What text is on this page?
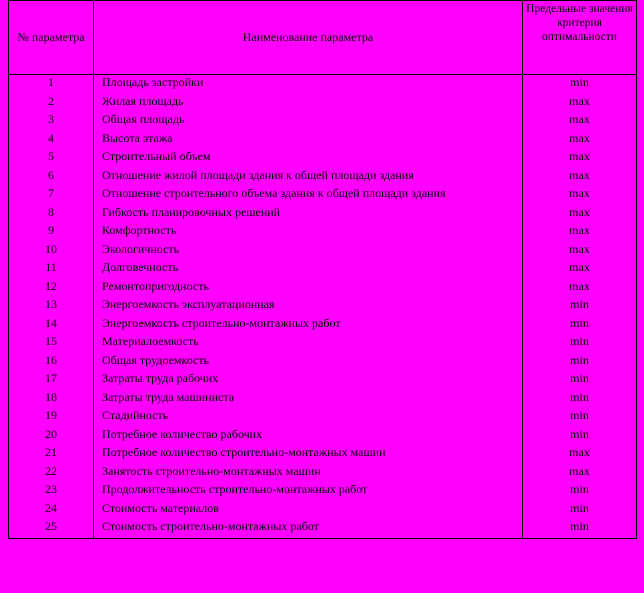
№ параметра	Наименование параметра	Предельные значения критерия оптимальности
1	Площадь застройки	min
2	Жилая площадь	max
3	Общая площадь	max
4	Высота этажа	max
5	Строительный объем	max
6	Отношение жилой площади здания к общей площади здания	max
7	Отношение строительного объема здания к общей площади здания	max
8	Гибкость планировочных решений	max
9	Комфортность	max
10	Экологичность	max
11	Долговечность	max
12	Ремонтопригодность	max
13	Энергоемкость эксплуатационная	min
14	Энергоемкость строительно-монтажных работ	min
15	Материалоемкость	min
16	Общая трудоемкость	min
17	Затраты труда рабочих	min
18	Затраты труда машиниста	min
19	Стадийность	min
20	Потребное количество рабочих	min
21	Потребное количество строительно-монтажных машин	max
22	Занятость строительно-монтажных машин	max
23	Продолжительность строительно-монтажных работ	min
24	Стоимость материалов	min
25	Стоимость строительно-монтажных работ	min
